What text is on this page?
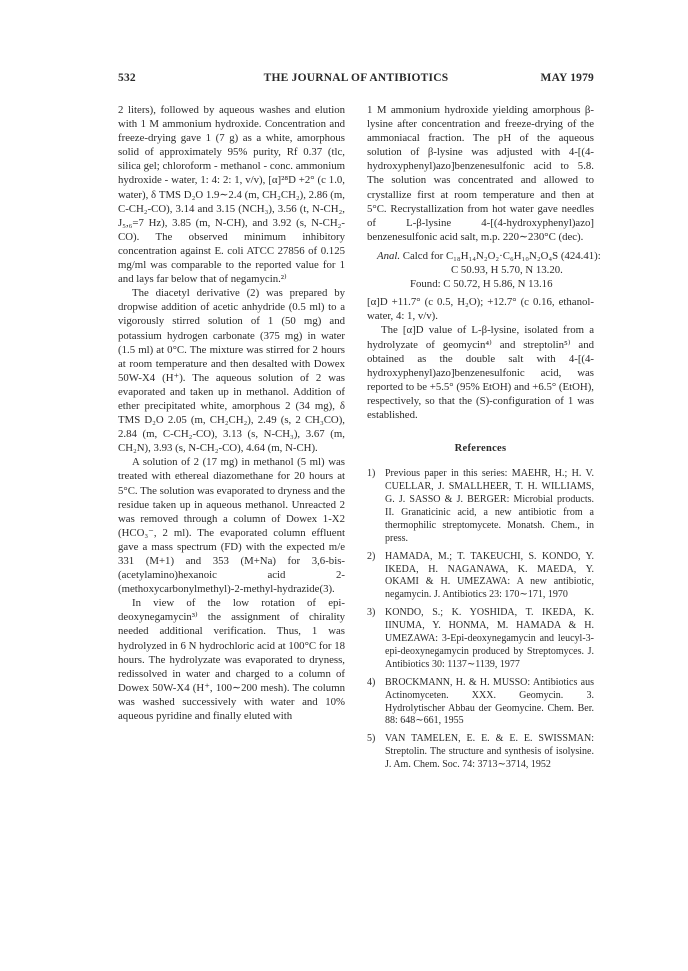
532	THE JOURNAL OF ANTIBIOTICS	MAY 1979

2 liters), followed by aqueous washes and elution with 1 M ammonium hydroxide. Concentration and freeze-drying gave 1 (7 g) as a white, amorphous solid of approximately 95% purity, Rf 0.37 (tlc, silica gel; chloroform - methanol - conc. ammonium hydroxide - water, 1: 4: 2: 1, v/v), [α]²⁸D +2° (c 1.0, water), δ TMS D₂O 1.9∼2.4 (m, CH₂CH₂), 2.86 (m, C-CH₂-CO), 3.14 and 3.15 (NCH₃), 3.56 (t, N-CH₂, J₅,₆=7 Hz), 3.85 (m, N-CH), and 3.92 (s, N-CH₂-CO). The observed minimum inhibitory concentration against E. coli ATCC 27856 of 0.125 mg/ml was comparable to the reported value for 1 and lays far below that of negamycin.²⁾

The diacetyl derivative (2) was prepared by dropwise addition of acetic anhydride (0.5 ml) to a vigorously stirred solution of 1 (50 mg) and potassium hydrogen carbonate (375 mg) in water (1.5 ml) at 0°C. The mixture was stirred for 2 hours at room temperature and then desalted with Dowex 50W-X4 (H⁺). The aqueous solution of 2 was evaporated and taken up in methanol. Addition of ether precipitated white, amorphous 2 (34 mg), δ TMS D₂O 2.05 (m, CH₂CH₂), 2.49 (s, 2 CH₃CO), 2.84 (m, C-CH₂-CO), 3.13 (s, N-CH₃), 3.67 (m, CH₂N), 3.93 (s, N-CH₂-CO), 4.64 (m, N-CH).

A solution of 2 (17 mg) in methanol (5 ml) was treated with ethereal diazomethane for 20 hours at 5°C. The solution was evaporated to dryness and the residue taken up in aqueous methanol. Unreacted 2 was removed through a column of Dowex 1-X2 (HCO₃⁻, 2 ml). The evaporated column effluent gave a mass spectrum (FD) with the expected m/e 331 (M+1) and 353 (M+Na) for 3,6-bis-(acetylamino)hexanoic acid 2-(methoxycarbonylmethyl)-2-methyl-hydrazide(3).

In view of the low rotation of epi-deoxynegamycin³⁾ the assignment of chirality needed additional verification. Thus, 1 was hydrolyzed in 6 N hydrochloric acid at 100°C for 18 hours. The hydrolyzate was evaporated to dryness, redissolved in water and charged to a column of Dowex 50W-X4 (H⁺, 100∼200 mesh). The column was washed successively with water and 10% aqueous pyridine and finally eluted with

1 M ammonium hydroxide yielding amorphous β-lysine after concentration and freeze-drying of the ammoniacal fraction. The pH of the aqueous solution of β-lysine was adjusted with 4-[(4-hydroxyphenyl)azo]benzenesulfonic acid to 5.8. The solution was concentrated and allowed to crystallize first at room temperature and then at 5°C. Recrystallization from hot water gave needles of L-β-lysine 4-[(4-hydroxyphenyl)azo] benzenesulfonic acid salt, m.p. 220∼230°C (dec).

Anal. Calcd for C₁₈H₁₄N₂O₂·C₆H₁₀N₂O₄S (424.41):
C 50.93, H 5.70, N 13.20.
Found: C 50.72, H 5.86, N 13.16

[α]D +11.7° (c 0.5, H₂O); +12.7° (c 0.16, ethanol-water, 4: 1, v/v).

The [α]D value of L-β-lysine, isolated from a hydrolyzate of geomycin⁴⁾ and streptolin⁵⁾ and obtained as the double salt with 4-[(4-hydroxyphenyl)azo]benzenesulfonic acid, was reported to be +5.5° (95% EtOH) and +6.5° (EtOH), respectively, so that the (S)-configuration of 1 was established.

References
1) Previous paper in this series: MAEHR, H.; H. V. CUELLAR, J. SMALLHEER, T. H. WILLIAMS, G. J. SASSO & J. BERGER: Microbial products. II. Granaticinic acid, a new antibiotic from a thermophilic streptomycete. Monatsh. Chem., in press.
2) HAMADA, M.; T. TAKEUCHI, S. KONDO, Y. IKEDA, H. NAGANAWA, K. MAEDA, Y. OKAMI & H. UMEZAWA: A new antibiotic, negamycin. J. Antibiotics 23: 170∼171, 1970
3) KONDO, S.; K. YOSHIDA, T. IKEDA, K. IINUMA, Y. HONMA, M. HAMADA & H. UMEZAWA: 3-Epi-deoxynegamycin and leucyl-3-epi-deoxynegamycin produced by Streptomyces. J. Antibiotics 30: 1137∼1139, 1977
4) BROCKMANN, H. & H. MUSSO: Antibiotics aus Actinomyceten. XXX. Geomycin. 3. Hydrolytischer Abbau der Geomycine. Chem. Ber. 88: 648∼661, 1955
5) VAN TAMELEN, E. E. & E. E. SWISSMAN: Streptolin. The structure and synthesis of isolysine. J. Am. Chem. Soc. 74: 3713∼3714, 1952
